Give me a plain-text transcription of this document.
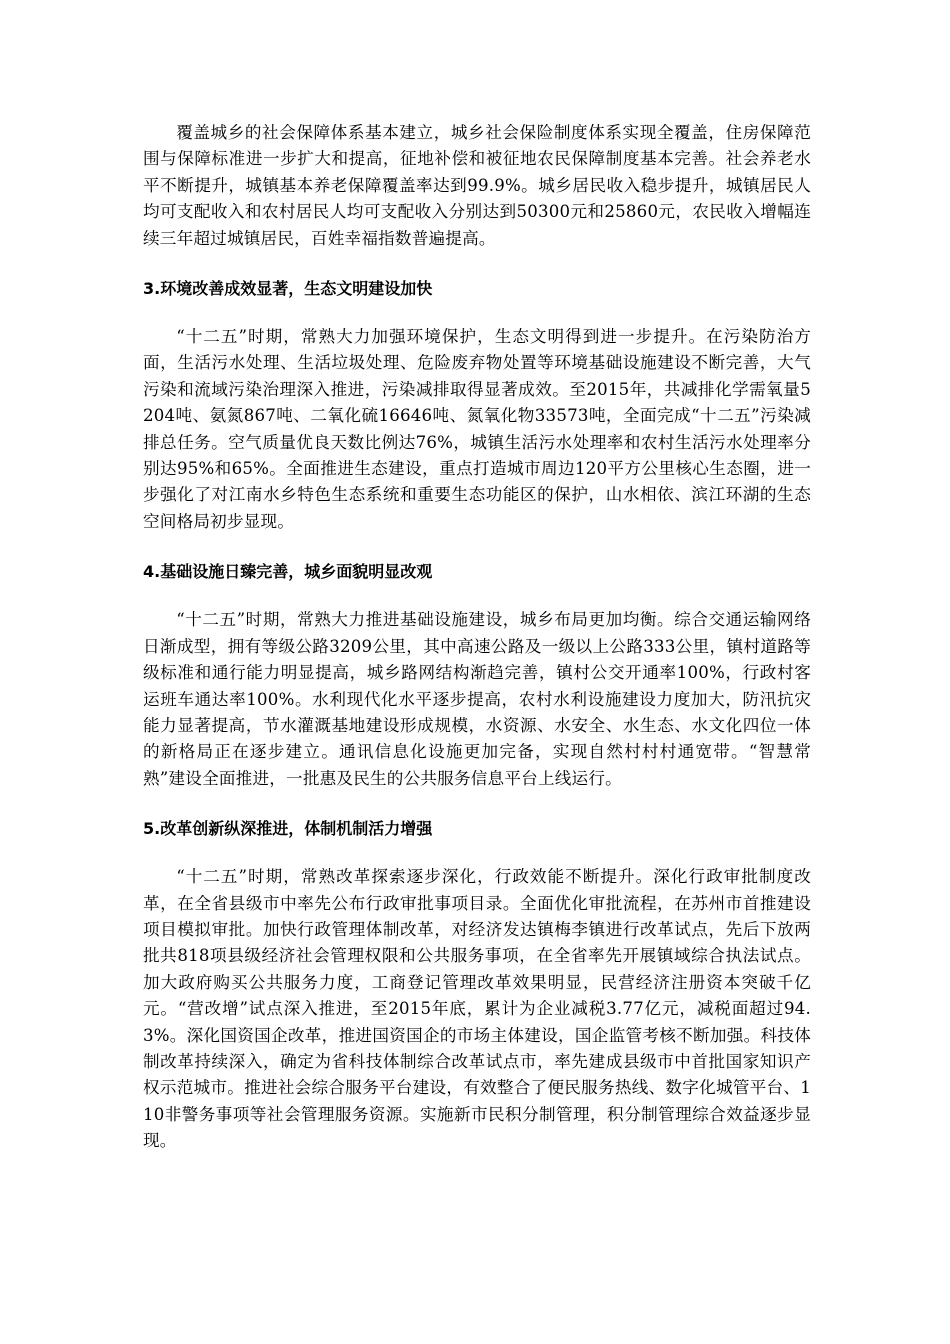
覆盖城乡的社会保障体系基本建立，城乡社会保险制度体系实现全覆盖，住房保障范围与保障标准进一步扩大和提高，征地补偿和被征地农民保障制度基本完善。社会养老水平不断提升，城镇基本养老保障覆盖率达到99.9%。城乡居民收入稳步提升，城镇居民人均可支配收入和农村居民人均可支配收入分别达到50300元和25860元，农民收入增幅连续三年超过城镇居民，百姓幸福指数普遍提高。

3.环境改善成效显著，生态文明建设加快

“十二五”时期，常熟大力加强环境保护，生态文明得到进一步提升。在污染防治方面，生活污水处理、生活垃圾处理、危险废弃物处置等环境基础设施建设不断完善，大气污染和流域污染治理深入推进，污染减排取得显著成效。至2015年，共减排化学需氧量5204吨、氨氮867吨、二氧化硫16646吨、氮氧化物33573吨，全面完成“十二五”污染减排总任务。空气质量优良天数比例达76%，城镇生活污水处理率和农村生活污水处理率分别达95%和65%。全面推进生态建设，重点打造城市周边120平方公里核心生态圈，进一步强化了对江南水乡特色生态系统和重要生态功能区的保护，山水相依、滨江环湖的生态空间格局初步显现。

4.基础设施日臻完善，城乡面貌明显改观

“十二五”时期，常熟大力推进基础设施建设，城乡布局更加均衡。综合交通运输网络日渐成型，拥有等级公路3209公里，其中高速公路及一级以上公路333公里，镇村道路等级标准和通行能力明显提高，城乡路网结构渐趋完善，镇村公交开通率100%，行政村客运班车通达率100%。水利现代化水平逐步提高，农村水利设施建设力度加大，防汛抗灾能力显著提高，节水灌溉基地建设形成规模，水资源、水安全、水生态、水文化四位一体的新格局正在逐步建立。通讯信息化设施更加完备，实现自然村村村通宽带。“智慧常熟”建设全面推进，一批惠及民生的公共服务信息平台上线运行。

5.改革创新纵深推进，体制机制活力增强

“十二五”时期，常熟改革探索逐步深化，行政效能不断提升。深化行政审批制度改革，在全省县级市中率先公布行政审批事项目录。全面优化审批流程，在苏州市首推建设项目模拟审批。加快行政管理体制改革，对经济发达镇梅李镇进行改革试点，先后下放两批共818项县级经济社会管理权限和公共服务事项，在全省率先开展镇域综合执法试点。加大政府购买公共服务力度，工商登记管理改革效果明显，民营经济注册资本突破千亿元。“营改增”试点深入推进，至2015年底，累计为企业减税3.77亿元，减税面超过94.3%。深化国资国企改革，推进国资国企的市场主体建设，国企监管考核不断加强。科技体制改革持续深入，确定为省科技体制综合改革试点市，率先建成县级市中首批国家知识产权示范城市。推进社会综合服务平台建设，有效整合了便民服务热线、数字化城管平台、110非警务事项等社会管理服务资源。实施新市民积分制管理，积分制管理综合效益逐步显现。
